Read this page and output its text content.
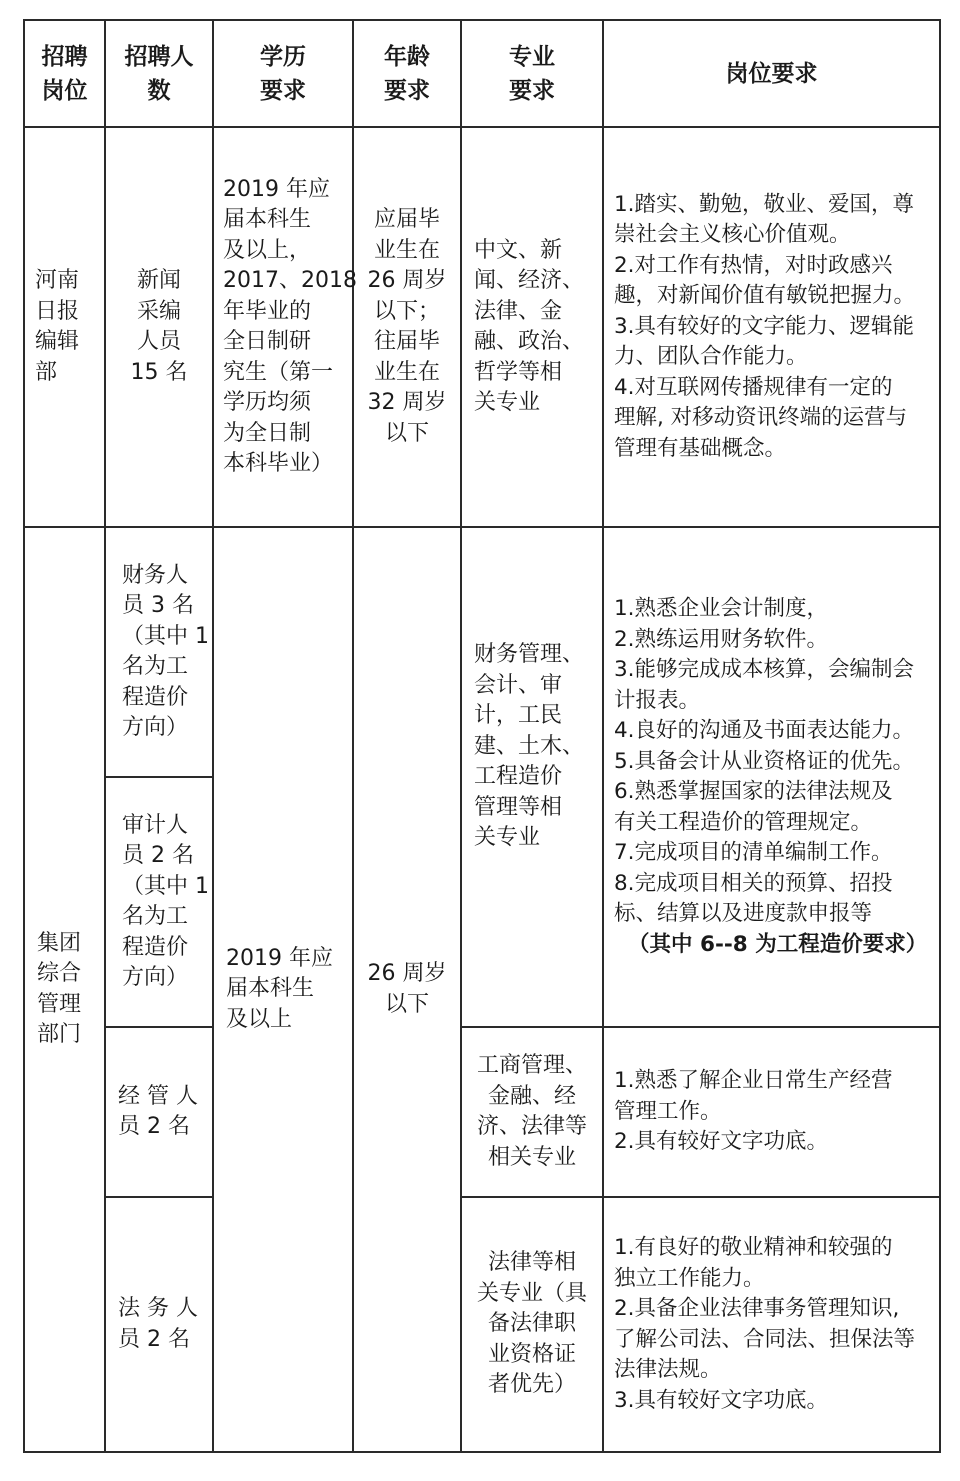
招聘
岗位
招聘人
数
学历
要求
年龄
要求
专业
要求
岗位要求
河南
日报
编辑
部
新闻
采编
人员
15 名
2019 年应
届本科生
及以上，
2017、2018
年毕业的
全日制研
究生（第一
学历均须
为全日制
本科毕业）
应届毕
业生在
26 周岁
以下；
往届毕
业生在
32 周岁
以下
中文、新
闻、经济、
法律、金
融、政治、
哲学等相
关专业
1.踏实、勤勉，敬业、爱国，尊
崇社会主义核心价值观。
2.对工作有热情，对时政感兴
趣，对新闻价值有敏锐把握力。
3.具有较好的文字能力、逻辑能
力、团队合作能力。
4.对互联网传播规律有一定的
理解, 对移动资讯终端的运营与
管理有基础概念。
集团
综合
管理
部门
财务人
员 3 名
（其中 1
名为工
程造价
方向）
审计人
员 2 名
（其中 1
名为工
程造价
方向）
经 管 人
员 2 名
法 务 人
员 2 名
2019 年应
届本科生
及以上
26 周岁
以下
财务管理、
会计、审
计，工民
建、土木、
工程造价
管理等相
关专业
1.熟悉企业会计制度，
2.熟练运用财务软件。
3.能够完成成本核算，会编制会
计报表。
4.良好的沟通及书面表达能力。
5.具备会计从业资格证的优先。
6.熟悉掌握国家的法律法规及
有关工程造价的管理规定。
7.完成项目的清单编制工作。
8.完成项目相关的预算、招投
标、结算以及进度款申报等
（其中 6--8 为工程造价要求）
工商管理、
金融、经
济、法律等
相关专业
1.熟悉了解企业日常生产经营
管理工作。
2.具有较好文字功底。
法律等相
关专业（具
备法律职
业资格证
者优先）
1.有良好的敬业精神和较强的
独立工作能力。
2.具备企业法律事务管理知识,
了解公司法、合同法、担保法等
法律法规。
3.具有较好文字功底。
